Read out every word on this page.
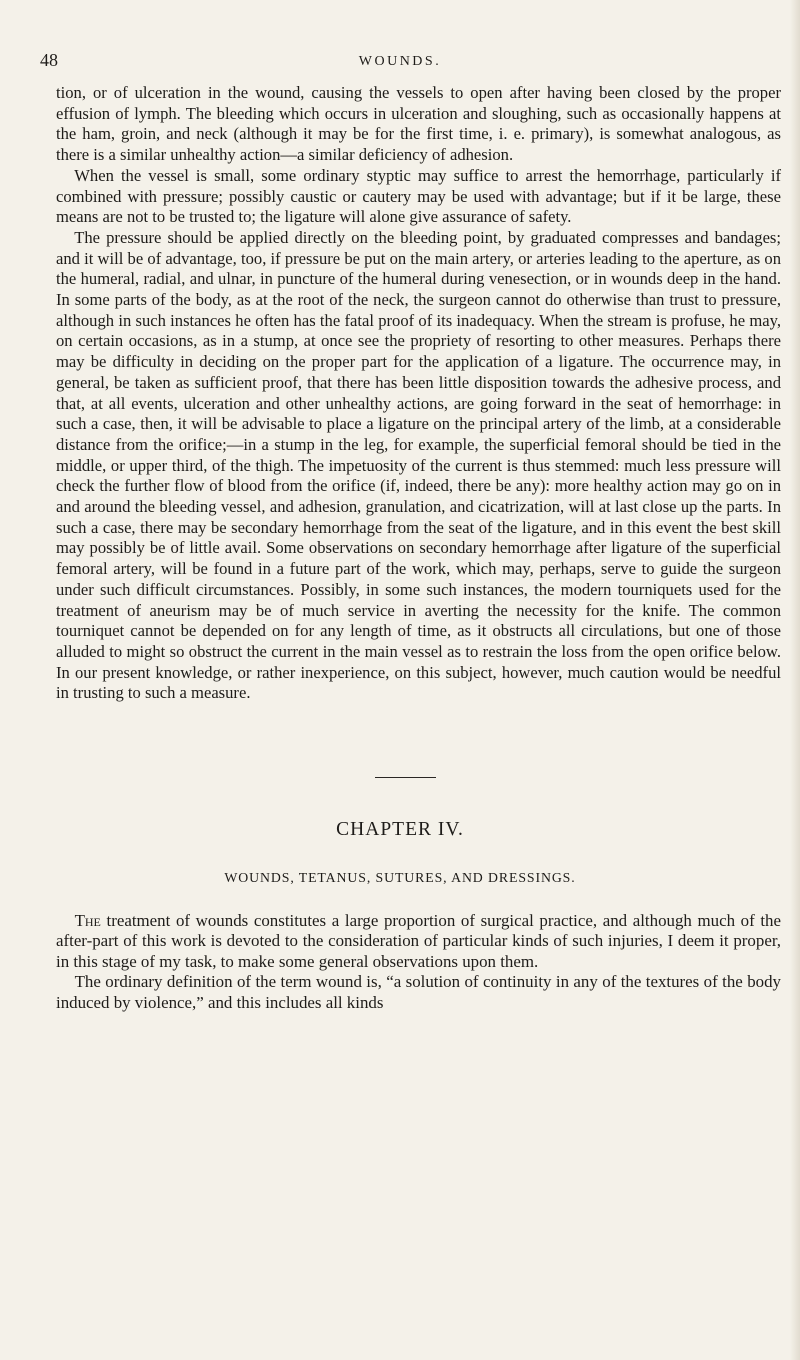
48	WOUNDS.

tion, or of ulceration in the wound, causing the vessels to open after having been closed by the proper effusion of lymph. The bleeding which occurs in ulceration and sloughing, such as occasionally happens at the ham, groin, and neck (although it may be for the first time, i. e. primary), is somewhat analogous, as there is a similar unhealthy action—a similar deficiency of adhesion.

When the vessel is small, some ordinary styptic may suffice to arrest the hemorrhage, particularly if combined with pressure; possibly caustic or cautery may be used with advantage; but if it be large, these means are not to be trusted to; the ligature will alone give assurance of safety.

The pressure should be applied directly on the bleeding point, by graduated compresses and bandages; and it will be of advantage, too, if pressure be put on the main artery, or arteries leading to the aperture, as on the humeral, radial, and ulnar, in puncture of the humeral during venesection, or in wounds deep in the hand. In some parts of the body, as at the root of the neck, the surgeon cannot do otherwise than trust to pressure, although in such instances he often has the fatal proof of its inadequacy. When the stream is profuse, he may, on certain occasions, as in a stump, at once see the propriety of resorting to other measures. Perhaps there may be difficulty in deciding on the proper part for the application of a ligature. The occurrence may, in general, be taken as sufficient proof, that there has been little disposition towards the adhesive process, and that, at all events, ulceration and other unhealthy actions, are going forward in the seat of hemorrhage: in such a case, then, it will be advisable to place a ligature on the principal artery of the limb, at a considerable distance from the orifice;—in a stump in the leg, for example, the superficial femoral should be tied in the middle, or upper third, of the thigh. The impetuosity of the current is thus stemmed: much less pressure will check the further flow of blood from the orifice (if, indeed, there be any): more healthy action may go on in and around the bleeding vessel, and adhesion, granulation, and cicatrization, will at last close up the parts. In such a case, there may be secondary hemorrhage from the seat of the ligature, and in this event the best skill may possibly be of little avail. Some observations on secondary hemorrhage after ligature of the superficial femoral artery, will be found in a future part of the work, which may, perhaps, serve to guide the surgeon under such difficult circumstances. Possibly, in some such instances, the modern tourniquets used for the treatment of aneurism may be of much service in averting the necessity for the knife. The common tourniquet cannot be depended on for any length of time, as it obstructs all circulations, but one of those alluded to might so obstruct the current in the main vessel as to restrain the loss from the open orifice below. In our present knowledge, or rather inexperience, on this subject, however, much caution would be needful in trusting to such a measure.

CHAPTER IV.
WOUNDS, TETANUS, SUTURES, AND DRESSINGS.

The treatment of wounds constitutes a large proportion of surgical practice, and although much of the after-part of this work is devoted to the consideration of particular kinds of such injuries, I deem it proper, in this stage of my task, to make some general observations upon them.

The ordinary definition of the term wound is, “a solution of continuity in any of the textures of the body induced by violence,” and this includes all kinds
